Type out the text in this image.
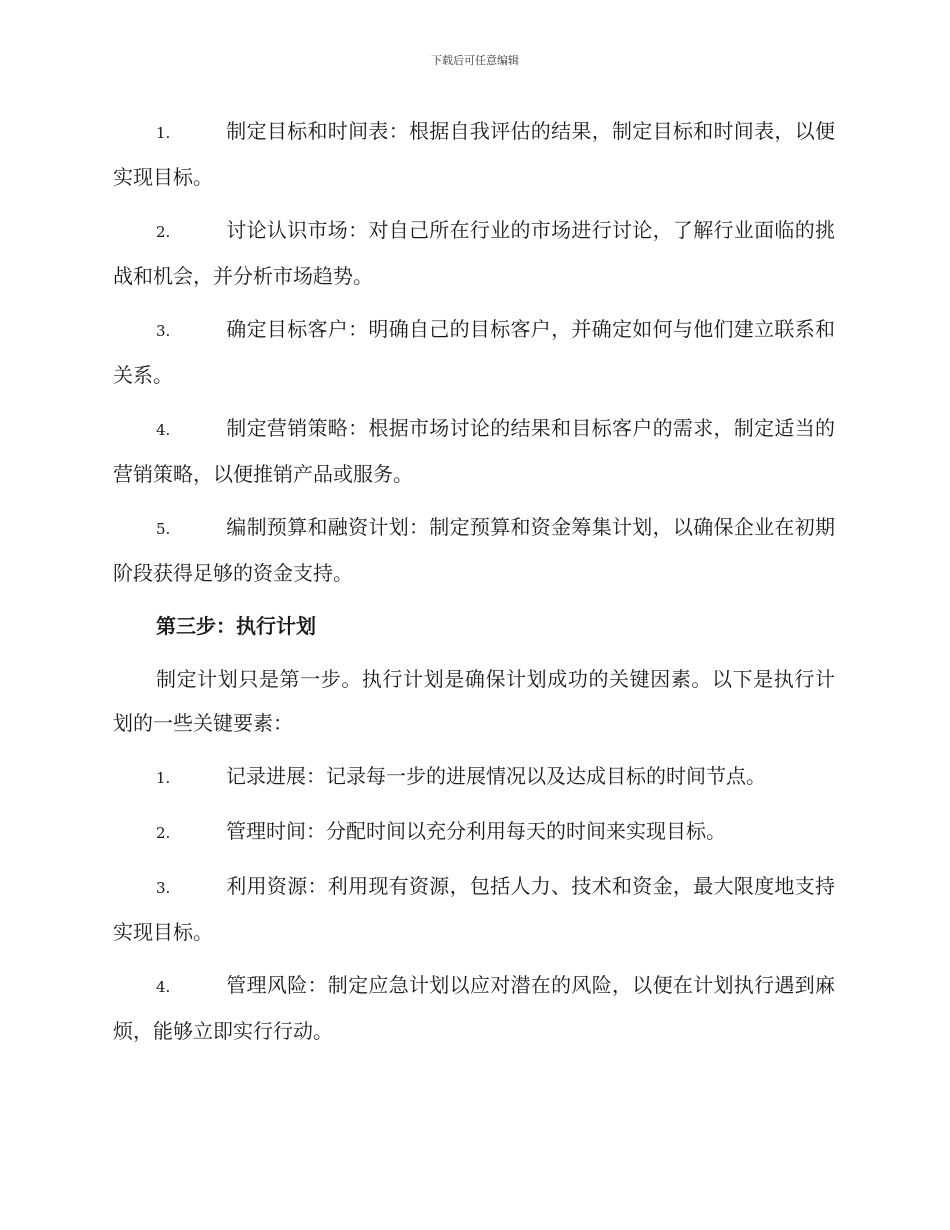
下载后可任意编辑

1.	制定目标和时间表：根据自我评估的结果，制定目标和时间表，以便实现目标。

2.	讨论认识市场：对自己所在行业的市场进行讨论，了解行业面临的挑战和机会，并分析市场趋势。

3.	确定目标客户：明确自己的目标客户，并确定如何与他们建立联系和关系。

4.	制定营销策略：根据市场讨论的结果和目标客户的需求，制定适当的营销策略，以便推销产品或服务。

5.	编制预算和融资计划：制定预算和资金筹集计划，以确保企业在初期阶段获得足够的资金支持。

第三步：执行计划

制定计划只是第一步。执行计划是确保计划成功的关键因素。以下是执行计划的一些关键要素：

1.	记录进展：记录每一步的进展情况以及达成目标的时间节点。

2.	管理时间：分配时间以充分利用每天的时间来实现目标。

3.	利用资源：利用现有资源，包括人力、技术和资金，最大限度地支持实现目标。

4.	管理风险：制定应急计划以应对潜在的风险，以便在计划执行遇到麻烦，能够立即实行行动。
